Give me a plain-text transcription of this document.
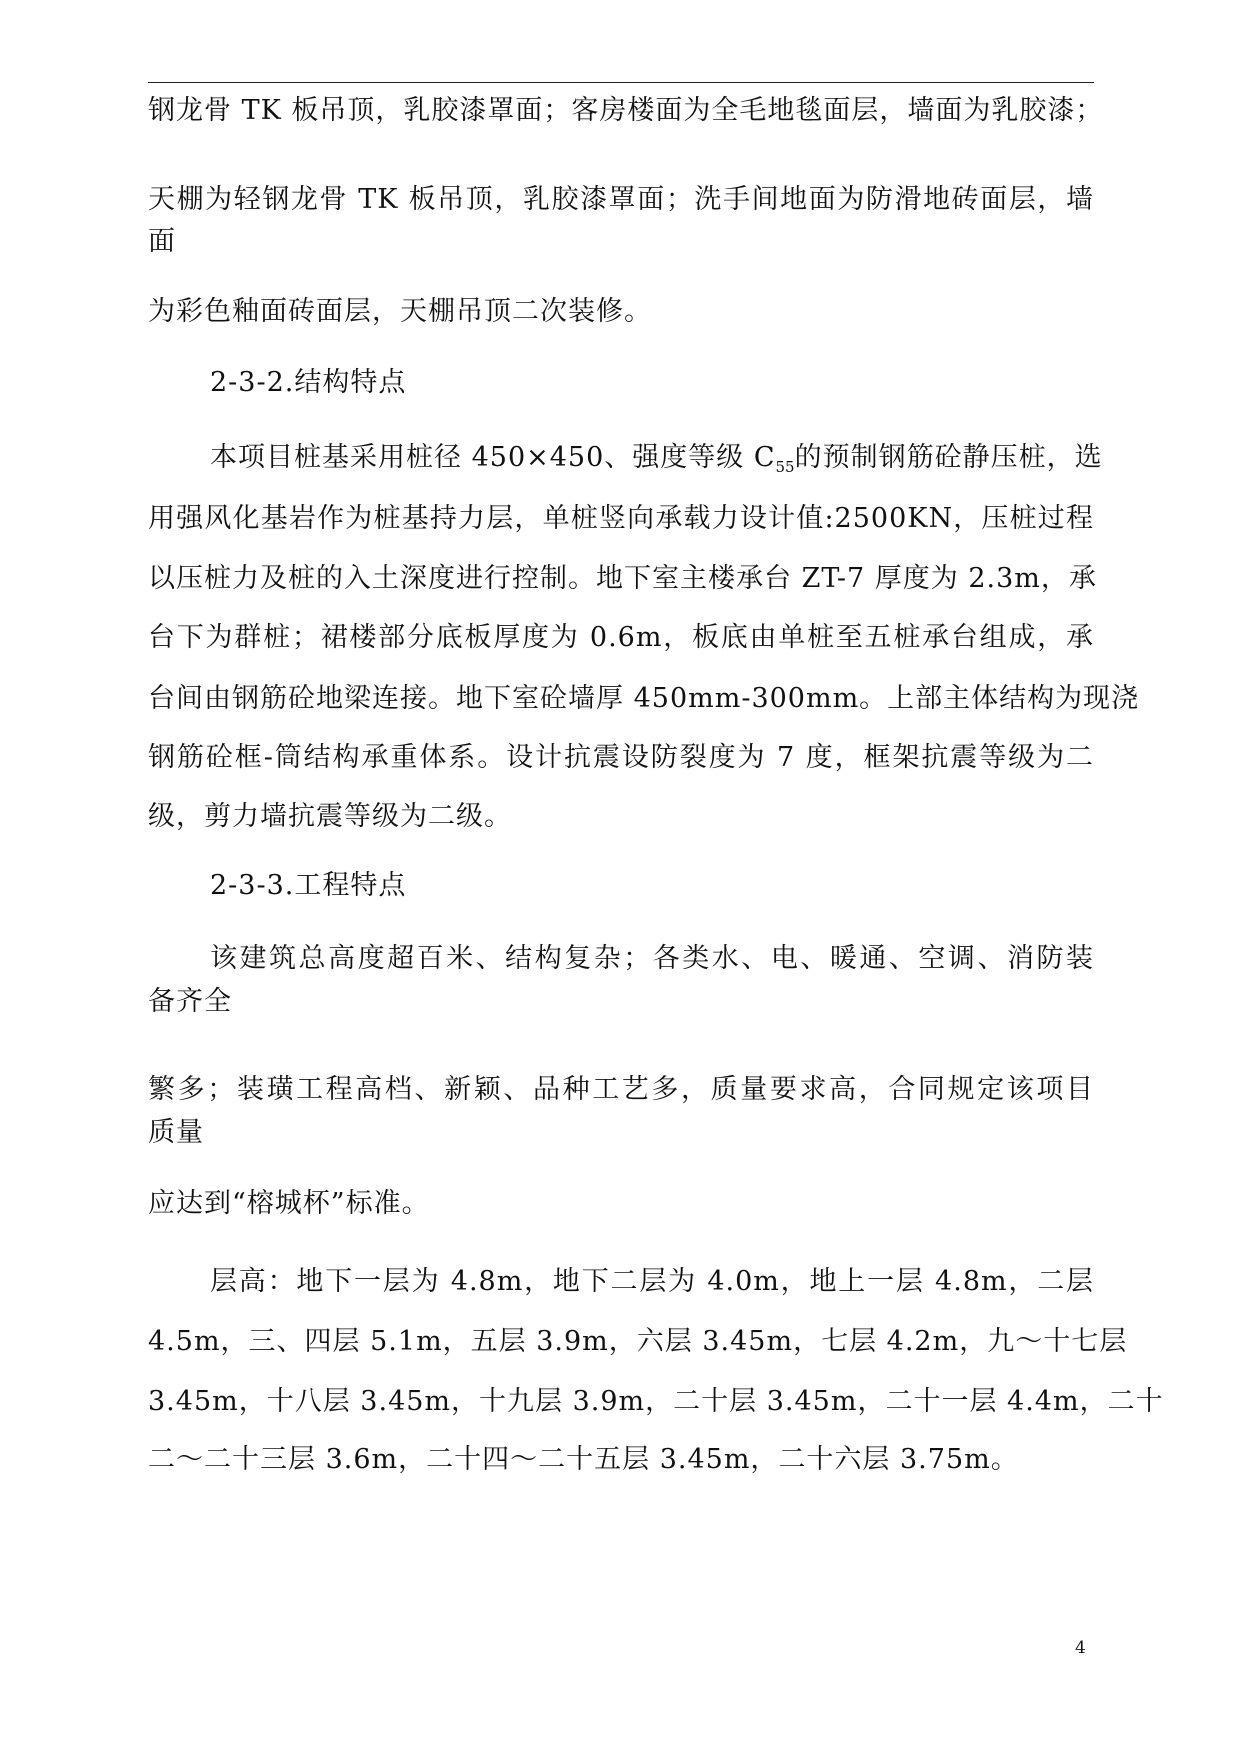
钢龙骨 TK 板吊顶，乳胶漆罩面；客房楼面为全毛地毯面层，墙面为乳胶漆；
天棚为轻钢龙骨 TK 板吊顶，乳胶漆罩面；洗手间地面为防滑地砖面层，墙
面
为彩色釉面砖面层，天棚吊顶二次装修。
2-3-2.结构特点
本项目桩基采用桩径 450×450、强度等级 $C_{55}$的预制钢筋砼静压桩，选
用强风化基岩作为桩基持力层，单桩竖向承载力设计值:2500KN，压桩过程
以压桩力及桩的入土深度进行控制。地下室主楼承台 ZT-7 厚度为 2.3m，承
台下为群桩；裙楼部分底板厚度为 0.6m，板底由单桩至五桩承台组成，承
台间由钢筋砼地梁连接。地下室砼墙厚 450mm-300mm。上部主体结构为现浇
钢筋砼框-筒结构承重体系。设计抗震设防裂度为 7 度，框架抗震等级为二
级，剪力墙抗震等级为二级。
2-3-3.工程特点
该建筑总高度超百米、结构复杂；各类水、电、暖通、空调、消防装
备齐全
繁多；装璜工程高档、新颖、品种工艺多，质量要求高，合同规定该项目
质量
应达到“榕城杯”标准。
层高：地下一层为 4.8m，地下二层为 4.0m，地上一层 4.8m，二层
4.5m，三、四层 5.1m，五层 3.9m，六层 3.45m，七层 4.2m，九～十七层
3.45m，十八层 3.45m，十九层 3.9m，二十层 3.45m，二十一层 4.4m，二十
二～二十三层 3.6m，二十四～二十五层 3.45m，二十六层 3.75m。
4
